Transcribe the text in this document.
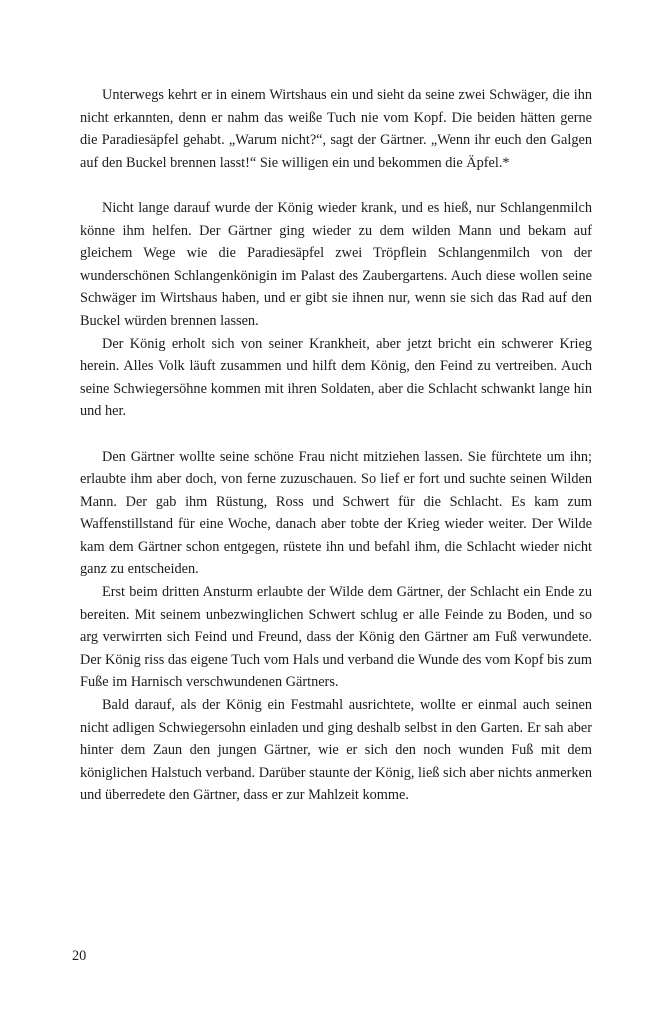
Unterwegs kehrt er in einem Wirtshaus ein und sieht da seine zwei Schwäger, die ihn nicht erkannten, denn er nahm das weiße Tuch nie vom Kopf. Die beiden hätten gerne die Paradiesäpfel gehabt. „Warum nicht?“, sagt der Gärtner. „Wenn ihr euch den Galgen auf den Buckel brennen lasst!“ Sie willigen ein und bekommen die Äpfel.*

Nicht lange darauf wurde der König wieder krank, und es hieß, nur Schlangenmilch könne ihm helfen. Der Gärtner ging wieder zu dem wilden Mann und bekam auf gleichem Wege wie die Paradiesäpfel zwei Tröpflein Schlangenmilch von der wunderschönen Schlangenkönigin im Palast des Zaubergartens. Auch diese wollen seine Schwäger im Wirtshaus haben, und er gibt sie ihnen nur, wenn sie sich das Rad auf den Buckel würden brennen lassen.

Der König erholt sich von seiner Krankheit, aber jetzt bricht ein schwerer Krieg herein. Alles Volk läuft zusammen und hilft dem König, den Feind zu vertreiben. Auch seine Schwiegersöhne kommen mit ihren Soldaten, aber die Schlacht schwankt lange hin und her.

Den Gärtner wollte seine schöne Frau nicht mitziehen lassen. Sie fürchtete um ihn; erlaubte ihm aber doch, von ferne zuzuschauen. So lief er fort und suchte seinen Wilden Mann. Der gab ihm Rüstung, Ross und Schwert für die Schlacht. Es kam zum Waffenstillstand für eine Woche, danach aber tobte der Krieg wieder weiter. Der Wilde kam dem Gärtner schon entgegen, rüstete ihn und befahl ihm, die Schlacht wieder nicht ganz zu entscheiden.

Erst beim dritten Ansturm erlaubte der Wilde dem Gärtner, der Schlacht ein Ende zu bereiten. Mit seinem unbezwinglichen Schwert schlug er alle Feinde zu Boden, und so arg verwirrten sich Feind und Freund, dass der König den Gärtner am Fuß verwundete. Der König riss das eigene Tuch vom Hals und verband die Wunde des vom Kopf bis zum Fuße im Harnisch verschwundenen Gärtners.

Bald darauf, als der König ein Festmahl ausrichtete, wollte er einmal auch seinen nicht adligen Schwiegersohn einladen und ging deshalb selbst in den Garten. Er sah aber hinter dem Zaun den jungen Gärtner, wie er sich den noch wunden Fuß mit dem königlichen Halstuch verband. Darüber staunte der König, ließ sich aber nichts anmerken und überredete den Gärtner, dass er zur Mahlzeit komme.

20
